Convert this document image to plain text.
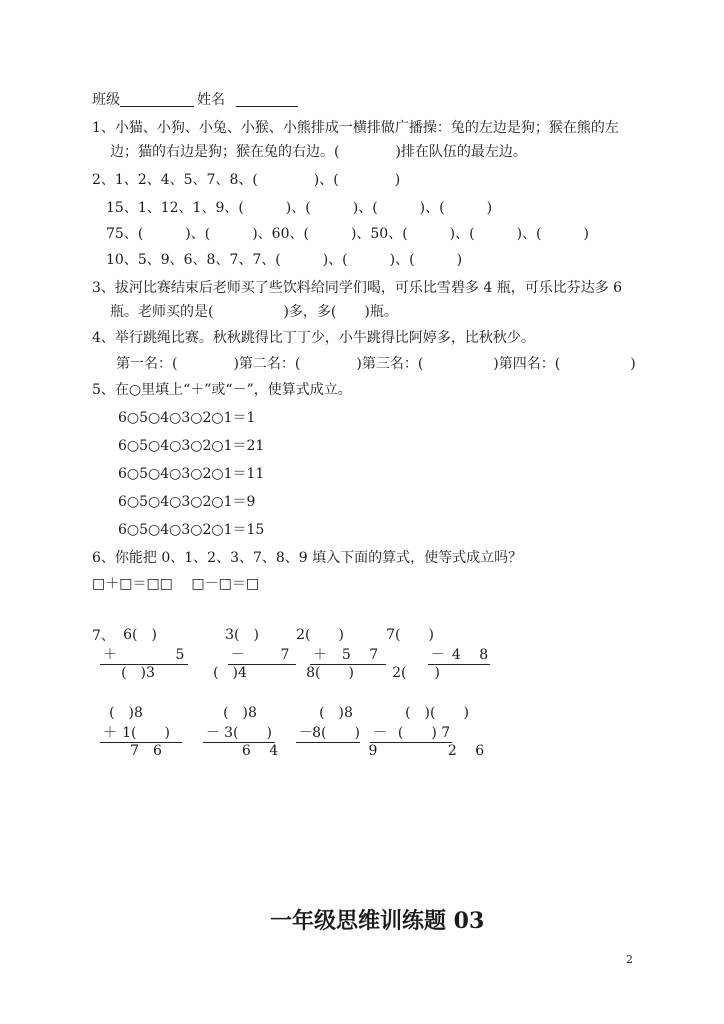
班级	姓名
1、小猫、小狗、小兔、小猴、小熊排成一横排做广播操：兔的左边是狗；猴在熊的左
边；猫的右边是狗；猴在兔的右边。(　　　　)排在队伍的最左边。
2、1、2、4、5、7、8、(　　　　)、(　　　　)
15、1、12、1、9、(　　　)、(　　　)、(　　　)、(　　　)
75、(　　　)、(　　　)、60、(　　　)、50、(　　　)、(　　　)、(　　　)
10、5、9、6、8、7、7、(　　　)、(　　　)、(　　　)
3、拔河比赛结束后老师买了些饮料给同学们喝，可乐比雪碧多 4 瓶，可乐比芬达多 6
瓶。老师买的是(　　　　　)多，多(　　)瓶。
4、举行跳绳比赛。秋秋跳得比丁丁少，小牛跳得比阿婷多，比秋秋少。
第一名：(　　　　)第二名：(　　　　)第三名：(　　　　　)第四名：(　　　　　)
5、在○里填上“＋”或“－”，使算式成立。
6○5○4○3○2○1＝1
6○5○4○3○2○1＝21
6○5○4○3○2○1＝11
6○5○4○3○2○1＝9
6○5○4○3○2○1＝15
6、你能把 0、1、2、3、7、8、9 填入下面的算式，使等式成立吗？
□＋□＝□□　 □－□＝□
7、 6(　)
＋	5
(　)3
3(　)
－	7
(　)4
2(　　)
＋	5　 7
8(　　)
7(　　)
－ 4　 8
2(　　)
(　)8
＋ 1(　　)
7　6
(　)8
－ 3(　　)
6　 4
(　)8
－ 8(　　)
9　
(　)(　　)
－ (　　) 7
2　 6
一年级思维训练题 03
2
